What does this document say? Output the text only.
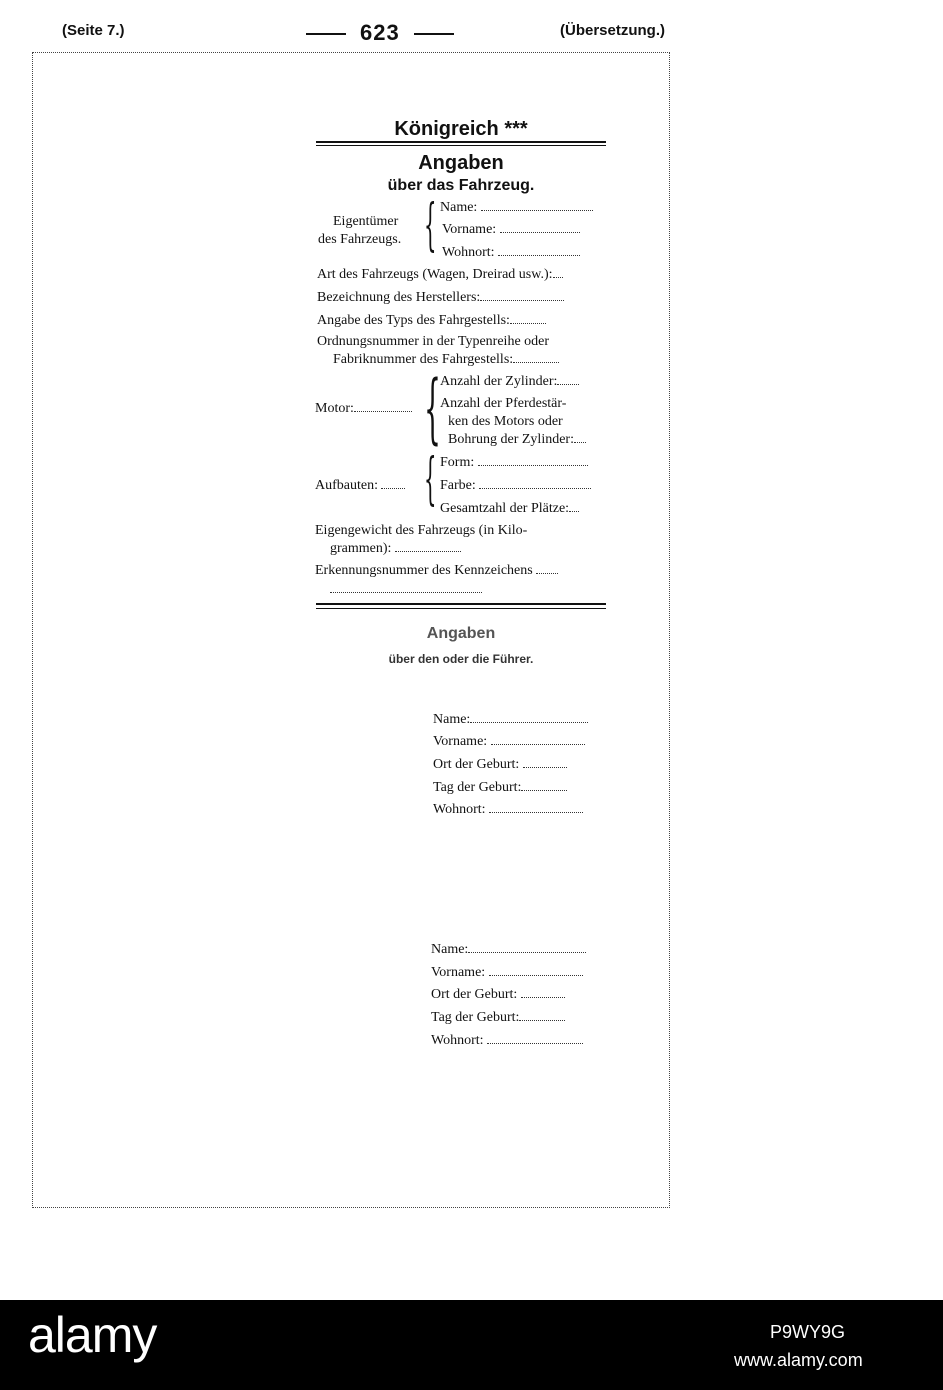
(Seite 7.)	623	(Übersetzung.)
Königreich ***
Angaben
über das Fahrzeug.
Eigentümer
des Fahrzeugs. { Name:
Vorname:
Wohnort:
Art des Fahrzeugs (Wagen, Dreirad usw.):
Bezeichnung des Herstellers:
Angabe des Typs des Fahrgestells:
Ordnungsnummer in der Typenreihe oder
Fabriknummer des Fahrgestells:
Motor: { Anzahl der Zylinder:
Anzahl der Pferdestär-
ken des Motors oder
Bohrung der Zylinder:
Aufbauten: { Form:
Farbe:
Gesamtzahl der Plätze:
Eigengewicht des Fahrzeugs (in Kilo-
grammen):
Erkennungsnummer des Kennzeichens
Angaben
über den oder die Führer.
Name:
Vorname:
Ort der Geburt:
Tag der Geburt:
Wohnort:
Name:
Vorname:
Ort der Geburt:
Tag der Geburt:
Wohnort:
alamy	P9WY9G
www.alamy.com
